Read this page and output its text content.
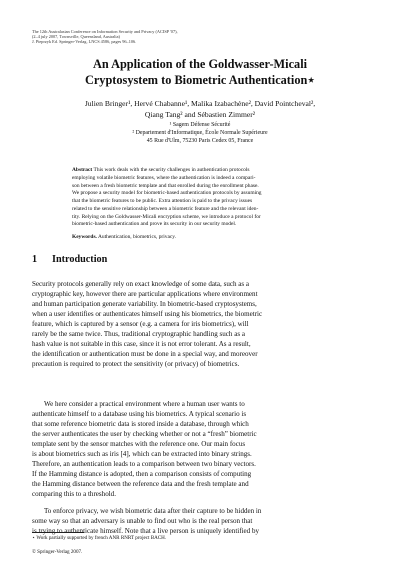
The 12th Australasian Conference on Information Security and Privacy (ACISP '07),
(2–4 july 2007, Townsville, Queensland, Australia)
J. Pieprzyk Ed. Springer-Verlag, LNCS 4586, pages 96–106.
An Application of the Goldwasser-Micali
Cryptosystem to Biometric Authentication⋆
Julien Bringer¹, Hervé Chabanne¹, Malika Izabachène², David Pointcheval²,
Qiang Tang² and Sébastien Zimmer²
¹ Sagem Défense Sécurité
² Departement d'Informatique, École Normale Supérieure
45 Rue d'Ulm, 75230 Paris Cedex 05, France
Abstract This work deals with the security challenges in authentication protocols
employing volatile biometric features, where the authentication is indeed a compari-
son between a fresh biometric template and that enrolled during the enrollment phase.
We propose a security model for biometric-based authentication protocols by assuming
that the biometric features to be public. Extra attention is paid to the privacy issues
related to the sensitive relationship between a biometric feature and the relevant iden-
tity. Relying on the Goldwasser-Micali encryption scheme, we introduce a protocol for
biometric-based authentication and prove its security in our security model.
Keywords. Authentication, biometrics, privacy.
1 Introduction
Security protocols generally rely on exact knowledge of some data, such as a
cryptographic key, however there are particular applications where environment
and human participation generate variability. In biometric-based cryptosystems,
when a user identifies or authenticates himself using his biometrics, the biometric
feature, which is captured by a sensor (e.g. a camera for iris biometrics), will
rarely be the same twice. Thus, traditional cryptographic handling such as a
hash value is not suitable in this case, since it is not error tolerant. As a result,
the identification or authentication must be done in a special way, and moreover
precaution is required to protect the sensitivity (or privacy) of biometrics.
We here consider a practical environment where a human user wants to
authenticate himself to a database using his biometrics. A typical scenario is
that some reference biometric data is stored inside a database, through which
the server authenticates the user by checking whether or not a “fresh” biometric
template sent by the sensor matches with the reference one. Our main focus
is about biometrics such as iris [4], which can be extracted into binary strings.
Therefore, an authentication leads to a comparison between two binary vectors.
If the Hamming distance is adopted, then a comparison consists of computing
the Hamming distance between the reference data and the fresh template and
comparing this to a threshold.
To enforce privacy, we wish biometric data after their capture to be hidden in
some way so that an adversary is unable to find out who is the real person that
is trying to authenticate himself. Note that a live person is uniquely identified by
⋆ Work partially supported by french ANR RNRT project BACH.
© Springer-Verlag 2007.
